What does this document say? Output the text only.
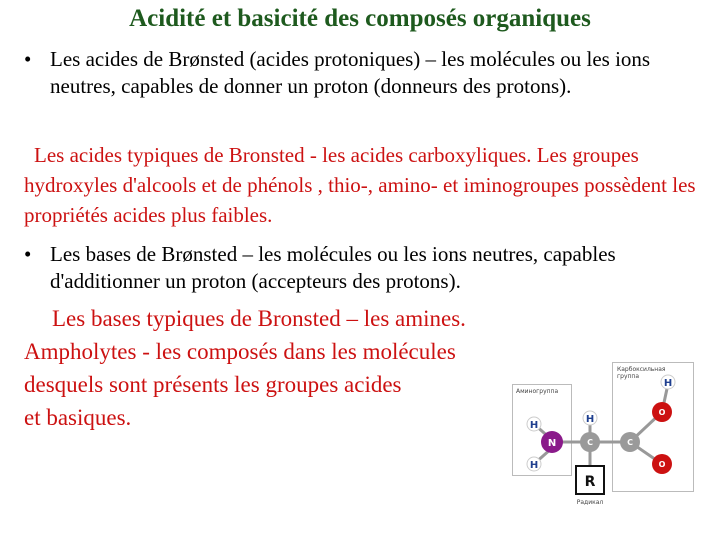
Acidité et basicité des composés organiques
• Les acides de Brønsted (acides protoniques) – les molécules ou les ions neutres, capables de donner un proton (donneurs des protons).
Les acides typiques de Bronsted - les acides carboxyliques. Les groupes hydroxyles d'alcools et de phénols , thio-, amino- et iminogroupes possèdent les propriétés acides plus faibles.
• Les bases de Brønsted – les molécules ou les ions neutres, capables d'additionner un proton (accepteurs des protons).
Les bases typiques de Bronsted – les amines.
Ampholytes - les composés dans les molécules
desquels sont présents les groupes acides
et basiques.
Карбоксильная группа
Аминогруппа
H
H
N
H
C	C
O
O
H
R
Радикал
